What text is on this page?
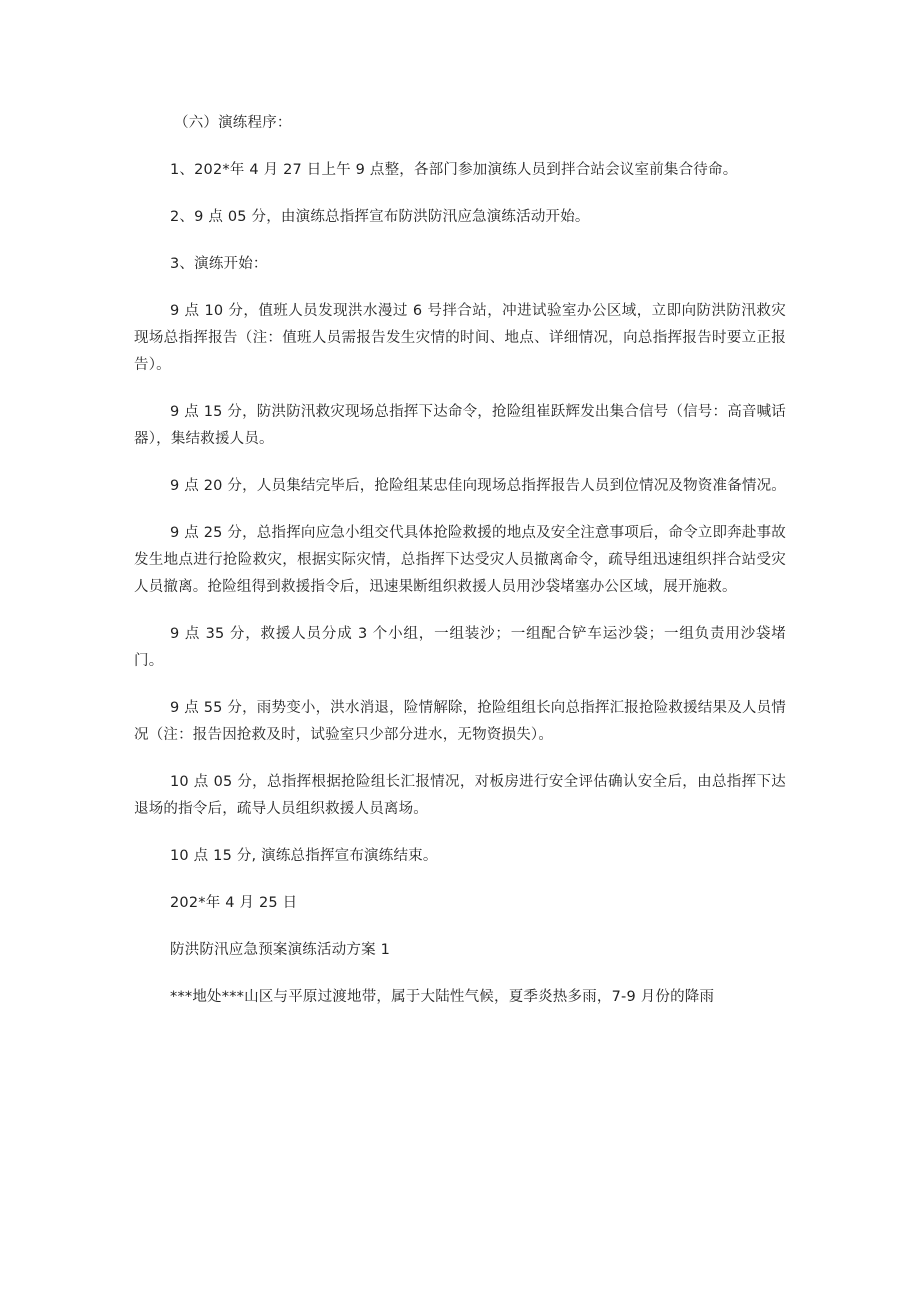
（六）演练程序：

1、202*年 4 月 27 日上午 9 点整，各部门参加演练人员到拌合站会议室前集合待命。

2、9 点 05 分，由演练总指挥宣布防洪防汛应急演练活动开始。

3、演练开始：

9 点 10 分，值班人员发现洪水漫过 6 号拌合站，冲进试验室办公区域，立即向防洪防汛救灾现场总指挥报告（注：值班人员需报告发生灾情的时间、地点、详细情况，向总指挥报告时要立正报告）。

9 点 15 分，防洪防汛救灾现场总指挥下达命令，抢险组崔跃辉发出集合信号（信号：高音喊话器），集结救援人员。

9 点 20 分，人员集结完毕后，抢险组某忠佳向现场总指挥报告人员到位情况及物资准备情况。

9 点 25 分，总指挥向应急小组交代具体抢险救援的地点及安全注意事项后，命令立即奔赴事故发生地点进行抢险救灾，根据实际灾情，总指挥下达受灾人员撤离命令，疏导组迅速组织拌合站受灾人员撤离。抢险组得到救援指令后，迅速果断组织救援人员用沙袋堵塞办公区域，展开施救。

9 点 35 分，救援人员分成 3 个小组，一组装沙；一组配合铲车运沙袋；一组负责用沙袋堵门。

9 点 55 分，雨势变小，洪水消退，险情解除，抢险组组长向总指挥汇报抢险救援结果及人员情况（注：报告因抢救及时，试验室只少部分进水，无物资损失）。

10 点 05 分，总指挥根据抢险组长汇报情况，对板房进行安全评估确认安全后，由总指挥下达退场的指令后，疏导人员组织救援人员离场。

10 点 15 分, 演练总指挥宣布演练结束。

202*年 4 月 25 日

防洪防汛应急预案演练活动方案 1

***地处***山区与平原过渡地带，属于大陆性气候，夏季炎热多雨，7-9 月份的降雨
